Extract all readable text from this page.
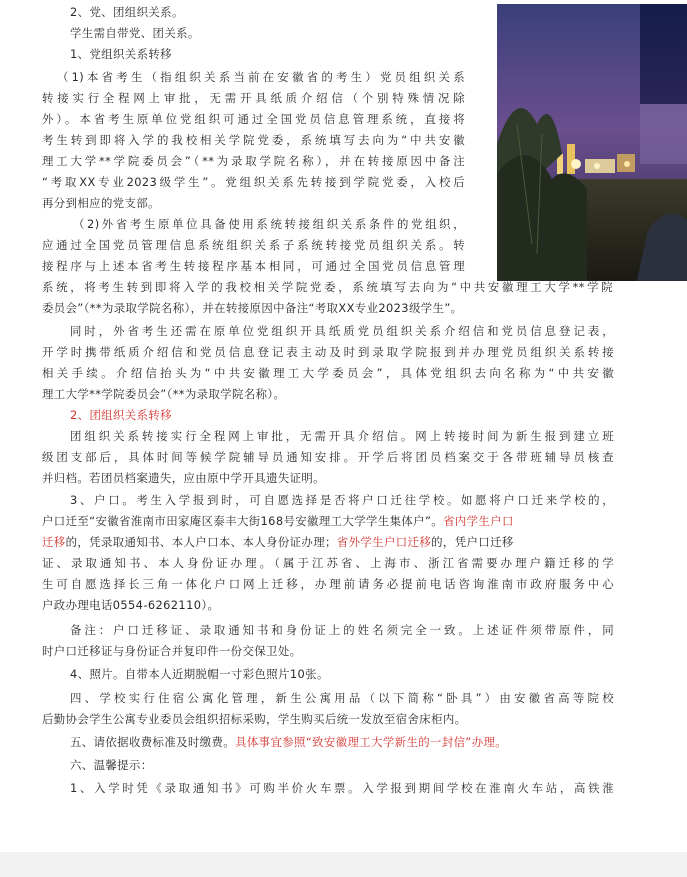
2、党、团组织关系。
学生需自带党、团关系。
1、党组织关系转移
（1)本省考生（指组织关系当前在安徽省的考生）党员组织关系
转接实行全程网上审批，无需开具纸质介绍信（个别特殊情况除
外）。本省考生原单位党组织可通过全国党员信息管理系统，直接将
考生转到即将入学的我校相关学院党委，系统填写去向为“中共安徽
理工大学**学院委员会”（**为录取学院名称），并在转接原因中备注
“考取XX专业2023级学生”。党组织关系先转接到学院党委，入校后
再分到相应的党支部。
（2)外省考生原单位具备使用系统转接组织关系条件的党组织，
应通过全国党员管理信息系统组织关系子系统转接党员组织关系。转
接程序与上述本省考生转接程序基本相同，可通过全国党员信息管理
系统，将考生转到即将入学的我校相关学院党委，系统填写去向为“中共安徽理工大学**学院
委员会”（**为录取学院名称），并在转接原因中备注“考取XX专业2023级学生”。
同时，外省考生还需在原单位党组织开具纸质党员组织关系介绍信和党员信息登记表，
开学时携带纸质介绍信和党员信息登记表主动及时到录取学院报到并办理党员组织关系转接
相关手续。介绍信抬头为“中共安徽理工大学委员会”，具体党组织去向名称为“中共安徽
理工大学**学院委员会”（**为录取学院名称）。
2、团组织关系转移
团组织关系转接实行全程网上审批，无需开具介绍信。网上转接时间为新生报到建立班
级团支部后，具体时间等候学院辅导员通知安排。开学后将团员档案交于各带班辅导员核查
并归档。若团员档案遗失，应由原中学开具遗失证明。
3、户口。考生入学报到时，可自愿选择是否将户口迁往学校。如愿将户口迁来学校的，
户口迁至“安徽省淮南市田家庵区泰丰大街168号安徽理工大学学生集体户”。省内学生户口
迁移的，凭录取通知书、本人户口本、本人身份证办理；省外学生户口迁移的，凭户口迁移
证、录取通知书、本人身份证办理。（属于江苏省、上海市、浙江省需要办理户籍迁移的学
生可自愿选择长三角一体化户口网上迁移，办理前请务必提前电话咨询淮南市政府服务中心
户政办理电话0554-6262110）。
备注：户口迁移证、录取通知书和身份证上的姓名须完全一致。上述证件须带原件，同
时户口迁移证与身份证合并复印件一份交保卫处。
4、照片。自带本人近期脱帽一寸彩色照片10张。
四、学校实行住宿公寓化管理，新生公寓用品（以下简称“卧具”）由安徽省高等院校
后勤协会学生公寓专业委员会组织招标采购，学生购买后统一发放至宿舍床柜内。
五、请依据收费标准及时缴费。具体事宜参照“致安徽理工大学新生的一封信”办理。
六、温馨提示：
1、入学时凭《录取通知书》可购半价火车票。入学报到期间学校在淮南火车站，高铁淮
